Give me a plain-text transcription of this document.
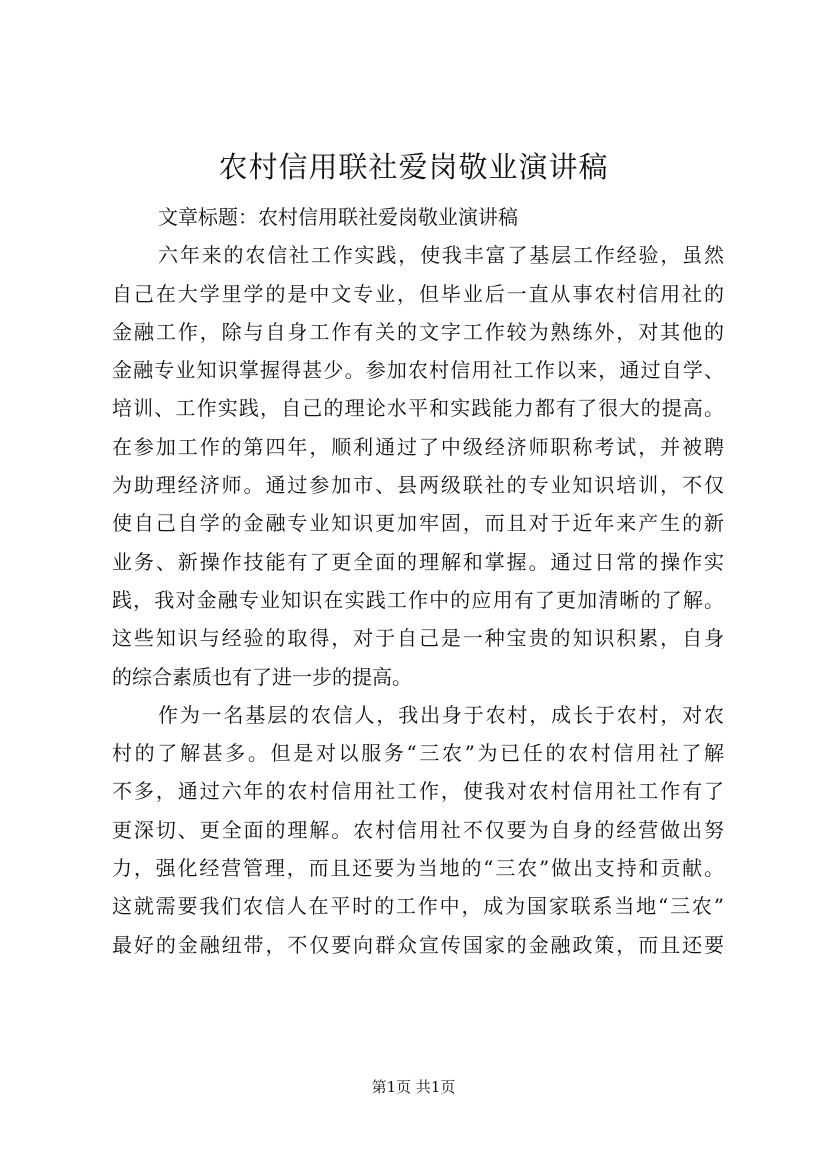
农村信用联社爱岗敬业演讲稿
文章标题：农村信用联社爱岗敬业演讲稿
六年来的农信社工作实践，使我丰富了基层工作经验，虽然
自己在大学里学的是中文专业，但毕业后一直从事农村信用社的
金融工作，除与自身工作有关的文字工作较为熟练外，对其他的
金融专业知识掌握得甚少。参加农村信用社工作以来，通过自学、
培训、工作实践，自己的理论水平和实践能力都有了很大的提高。
在参加工作的第四年，顺利通过了中级经济师职称考试，并被聘
为助理经济师。通过参加市、县两级联社的专业知识培训，不仅
使自己自学的金融专业知识更加牢固，而且对于近年来产生的新
业务、新操作技能有了更全面的理解和掌握。通过日常的操作实
践，我对金融专业知识在实践工作中的应用有了更加清晰的了解。
这些知识与经验的取得，对于自己是一种宝贵的知识积累，自身
的综合素质也有了进一步的提高。
作为一名基层的农信人，我出身于农村，成长于农村，对农
村的了解甚多。但是对以服务“三农”为已任的农村信用社了解
不多，通过六年的农村信用社工作，使我对农村信用社工作有了
更深切、更全面的理解。农村信用社不仅要为自身的经营做出努
力，强化经营管理，而且还要为当地的“三农”做出支持和贡献。
这就需要我们农信人在平时的工作中，成为国家联系当地“三农”
最好的金融纽带，不仅要向群众宣传国家的金融政策，而且还要
第1页 共1页
